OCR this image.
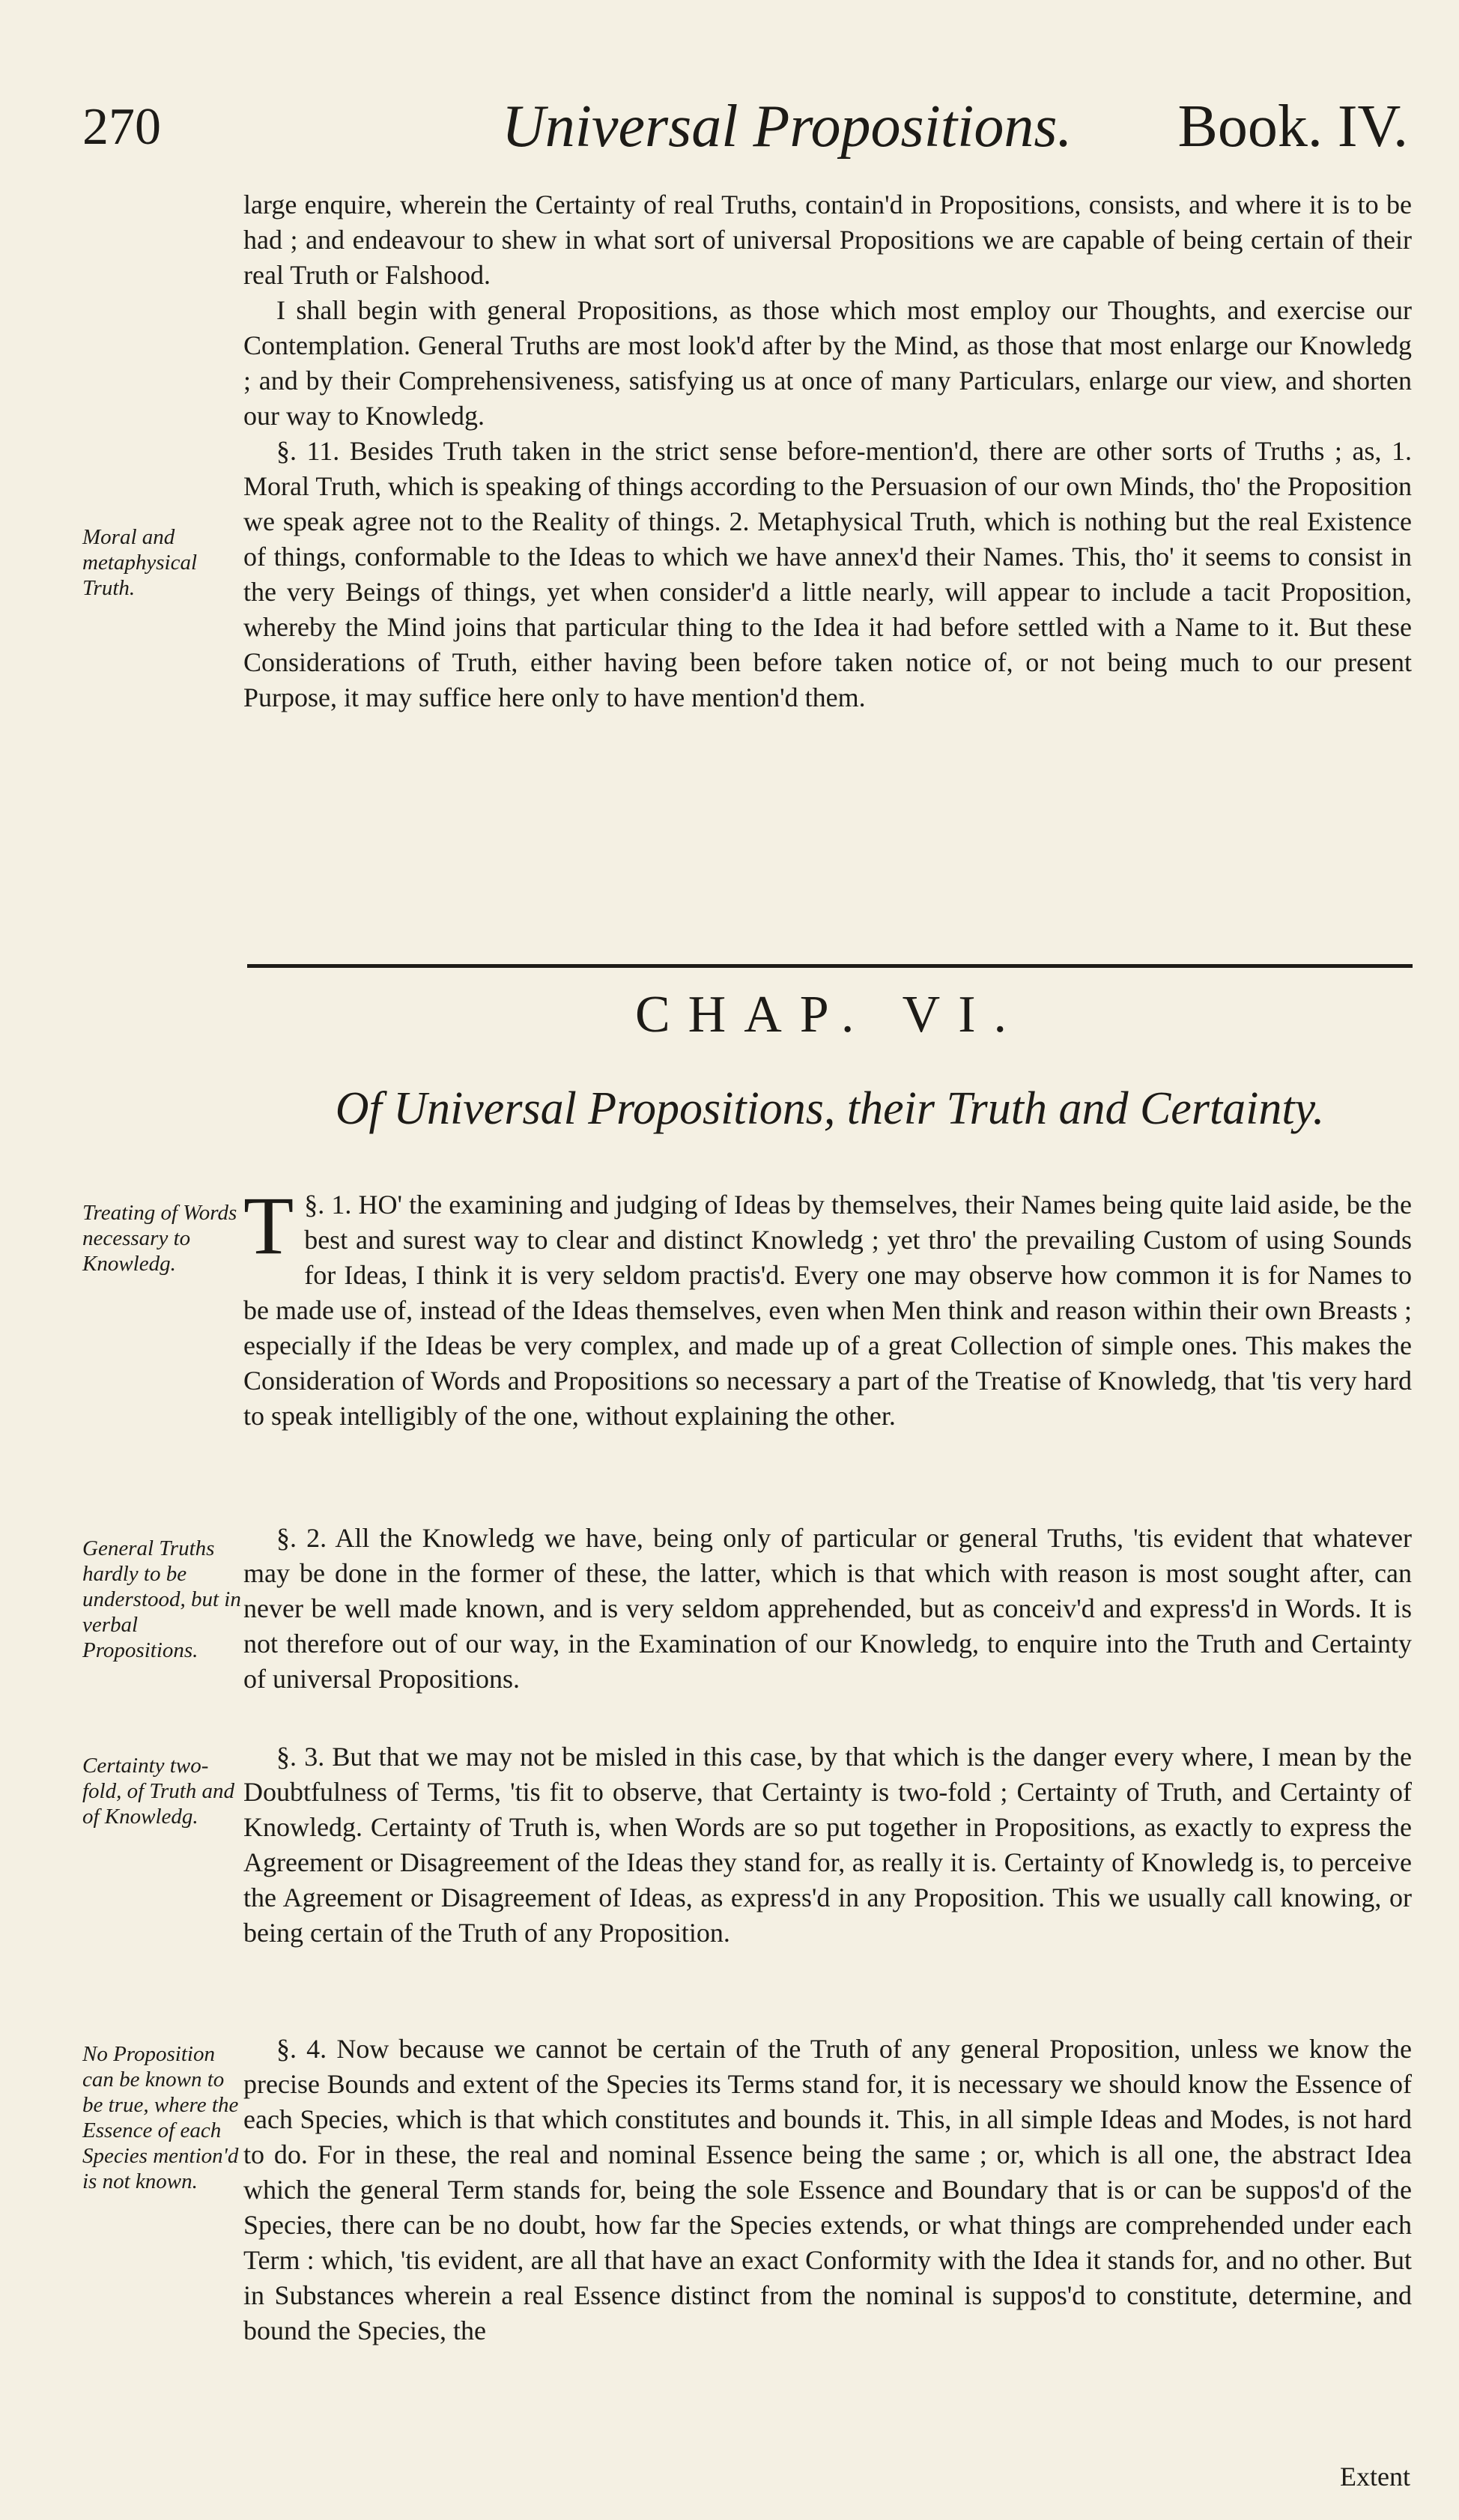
270	Universal Propositions. Book. IV.

large enquire, wherein the Certainty of real Truths, contain'd in Propositions, consists, and where it is to be had ; and endeavour to shew in what sort of universal Propositions we are capable of being certain of their real Truth or Falshood.

I shall begin with general Propositions, as those which most employ our Thoughts, and exercise our Contemplation. General Truths are most look'd after by the Mind, as those that most enlarge our Knowledg ; and by their Comprehensiveness, satisfying us at once of many Particulars, enlarge our view, and shorten our way to Knowledg.

§. 11. Besides Truth taken in the strict sense before-mention'd, there are other sorts of Truths ; as, 1. Moral Truth, which is speaking of things according to the Persuasion of our own Minds, tho' the Proposition we speak agree not to the Reality of things. 2. Metaphysical Truth, which is nothing but the real Existence of things, conformable to the Ideas to which we have annex'd their Names. This, tho' it seems to consist in the very Beings of things, yet when consider'd a little nearly, will appear to include a tacit Proposition, whereby the Mind joins that particular thing to the Idea it had before settled with a Name to it. But these Considerations of Truth, either having been before taken notice of, or not being much to our present Purpose, it may suffice here only to have mention'd them.

Moral and metaphysical Truth.
CHAP. VI.
Of Universal Propositions, their Truth and Certainty.
Treating of Words necessary to Knowledg. T §. 1. HO' the examining and judging of Ideas by themselves, their Names being quite laid aside, be the best and surest way to clear and distinct Knowledg ; yet thro' the prevailing Custom of using Sounds for Ideas, I think it is very seldom practis'd. Every one may observe how common it is for Names to be made use of, instead of the Ideas themselves, even when Men think and reason within their own Breasts ; especially if the Ideas be very complex, and made up of a great Collection of simple ones. This makes the Consideration of Words and Propositions so necessary a part of the Treatise of Knowledg, that 'tis very hard to speak intelligibly of the one, without explaining the other.

General Truths hardly to be understood, but in verbal Propositions.

§. 2. All the Knowledg we have, being only of particular or general Truths, 'tis evident that whatever may be done in the former of these, the latter, which is that which with reason is most sought after, can never be well made known, and is very seldom apprehended, but as conceiv'd and express'd in Words. It is not therefore out of our way, in the Examination of our Knowledg, to enquire into the Truth and Certainty of universal Propositions.

Certainty two-fold, of Truth and of Knowledg.

§. 3. But that we may not be misled in this case, by that which is the danger every where, I mean by the Doubtfulness of Terms, 'tis fit to observe, that Certainty is two-fold ; Certainty of Truth, and Certainty of Knowledg. Certainty of Truth is, when Words are so put together in Propositions, as exactly to express the Agreement or Disagreement of the Ideas they stand for, as really it is. Certainty of Knowledg is, to perceive the Agreement or Disagreement of Ideas, as express'd in any Proposition. This we usually call knowing, or being certain of the Truth of any Proposition.

No Proposition can be known to be true, where the Essence of each Species mention'd is not known.

§. 4. Now because we cannot be certain of the Truth of any general Proposition, unless we know the precise Bounds and extent of the Species its Terms stand for, it is necessary we should know the Essence of each Species, which is that which constitutes and bounds it. This, in all simple Ideas and Modes, is not hard to do. For in these, the real and nominal Essence being the same ; or, which is all one, the abstract Idea which the general Term stands for, being the sole Essence and Boundary that is or can be suppos'd of the Species, there can be no doubt, how far the Species extends, or what things are comprehended under each Term : which, 'tis evident, are all that have an exact Conformity with the Idea it stands for, and no other. But in Substances wherein a real Essence distinct from the nominal is suppos'd to constitute, determine, and bound the Species, the

Extent
